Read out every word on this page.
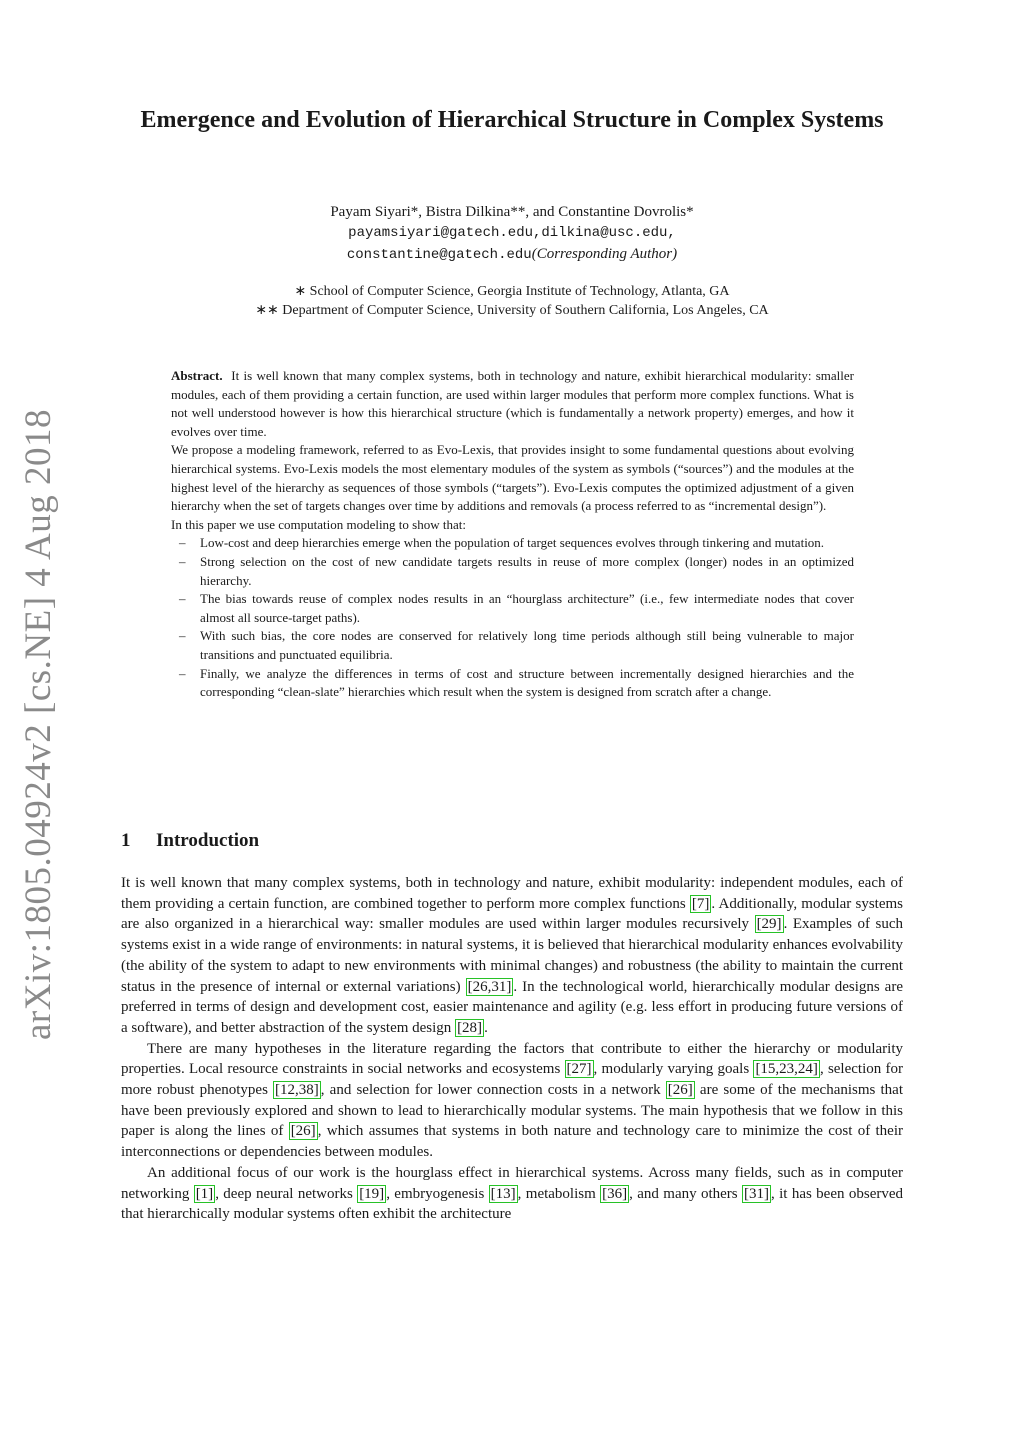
arXiv:1805.04924v2 [cs.NE] 4 Aug 2018
Emergence and Evolution of Hierarchical Structure in Complex Systems
Payam Siyari*, Bistra Dilkina**, and Constantine Dovrolis*
payamsiyari@gatech.edu,dilkina@usc.edu,
constantine@gatech.edu(Corresponding Author)
∗ School of Computer Science, Georgia Institute of Technology, Atlanta, GA
∗∗ Department of Computer Science, University of Southern California, Los Angeles, CA

Abstract. It is well known that many complex systems, both in technology and nature, exhibit hierarchical modularity: smaller modules, each of them providing a certain function, are used within larger modules that perform more complex functions. What is not well understood however is how this hierarchical structure (which is fundamentally a network property) emerges, and how it evolves over time.

We propose a modeling framework, referred to as Evo-Lexis, that provides insight to some fundamental questions about evolving hierarchical systems. Evo-Lexis models the most elementary modules of the system as symbols (“sources”) and the modules at the highest level of the hierarchy as sequences of those symbols (“targets”). Evo-Lexis computes the optimized adjustment of a given hierarchy when the set of targets changes over time by additions and removals (a process referred to as “incremental design”).

In this paper we use computation modeling to show that:

– Low-cost and deep hierarchies emerge when the population of target sequences evolves through tinkering and mutation.
– Strong selection on the cost of new candidate targets results in reuse of more complex (longer) nodes in an optimized hierarchy.
– The bias towards reuse of complex nodes results in an “hourglass architecture” (i.e., few intermediate nodes that cover almost all source-target paths).
– With such bias, the core nodes are conserved for relatively long time periods although still being vulnerable to major transitions and punctuated equilibria.
– Finally, we analyze the differences in terms of cost and structure between incrementally designed hierarchies and the corresponding “clean-slate” hierarchies which result when the system is designed from scratch after a change.
1 Introduction

It is well known that many complex systems, both in technology and nature, exhibit modularity: independent modules, each of them providing a certain function, are combined together to perform more complex functions [7] . Additionally, modular systems are also organized in a hierarchical way: smaller modules are used within larger modules recursively [29] . Examples of such systems exist in a wide range of environments: in natural systems, it is believed that hierarchical modularity enhances evolvability (the ability of the system to adapt to new environments with minimal changes) and robustness (the ability to maintain the current status in the presence of internal or external variations) [26,31] . In the technological world, hierarchically modular designs are preferred in terms of design and development cost, easier maintenance and agility (e.g. less effort in producing future versions of a software), and better abstraction of the system design [28] .

There are many hypotheses in the literature regarding the factors that contribute to either the hierarchy or modularity properties. Local resource constraints in social networks and ecosystems [27] , modularly varying goals [15,23,24] , selection for more robust phenotypes [12,38] , and selection for lower connection costs in a network [26] are some of the mechanisms that have been previously explored and shown to lead to hierarchically modular systems. The main hypothesis that we follow in this paper is along the lines of [26] , which assumes that systems in both nature and technology care to minimize the cost of their interconnections or dependencies between modules.

An additional focus of our work is the hourglass effect in hierarchical systems. Across many fields, such as in computer networking [1] , deep neural networks [19] , embryogenesis [13] , metabolism [36] , and many others [31] , it has been observed that hierarchically modular systems often exhibit the architecture
